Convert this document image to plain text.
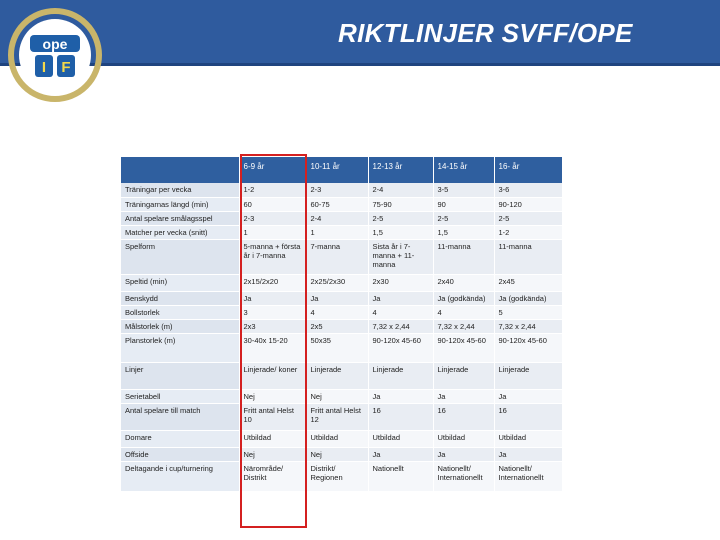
RIKTLINJER SVFF/OPE
ope
I F
	6-9 år	10-11 år	12-13 år	14-15 år	16- år
Träningar per vecka	1-2	2-3	2-4	3-5	3-6
Träningarnas längd (min)	60	60-75	75-90	90	90-120
Antal spelare smålagsspel	2-3	2-4	2-5	2-5	2-5
Matcher per vecka (snitt)	1	1	1,5	1,5	1-2
Spelform	5-manna + första år i 7-manna	7-manna	Sista år i 7-manna + 11-manna	11-manna	11-manna
Speltid (min)	2x15/2x20	2x25/2x30	2x30	2x40	2x45
Benskydd	Ja	Ja	Ja	Ja (godkända)	Ja (godkända)
Bollstorlek	3	4	4	4	5
Målstorlek (m)	2x3	2x5	7,32 x 2,44	7,32 x 2,44	7,32 x 2,44
Planstorlek (m)	30-40x 15-20	50x35	90-120x 45-60	90-120x 45-60	90-120x 45-60
Linjer	Linjerade/ koner	Linjerade	Linjerade	Linjerade	Linjerade
Serietabell	Nej	Nej	Ja	Ja	Ja
Antal spelare till match	Fritt antal Helst 10	Fritt antal Helst 12	16	16	16
Domare	Utbildad	Utbildad	Utbildad	Utbildad	Utbildad
Offside	Nej	Nej	Ja	Ja	Ja
Deltagande i cup/turnering	Närområde/ Distrikt	Distrikt/ Regionen	Nationellt	Nationellt/ Internationellt	Nationellt/ Internationellt
